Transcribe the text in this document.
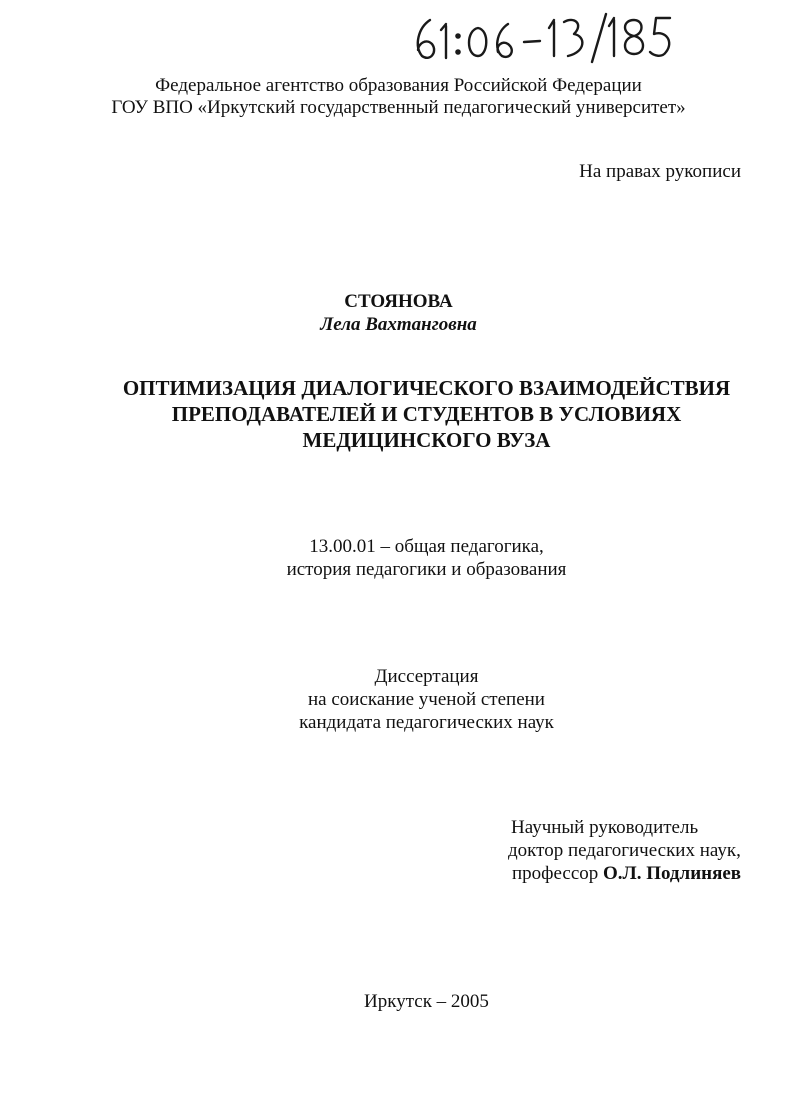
Федеральное агентство образования Российской Федерации
ГОУ ВПО «Иркутский государственный педагогический университет»
На правах рукописи
СТОЯНОВА
Лела Вахтанговна
ОПТИМИЗАЦИЯ ДИАЛОГИЧЕСКОГО ВЗАИМОДЕЙСТВИЯ
ПРЕПОДАВАТЕЛЕЙ И СТУДЕНТОВ В УСЛОВИЯХ
МЕДИЦИНСКОГО ВУЗА
13.00.01 – общая педагогика,
история педагогики и образования
Диссертация
на соискание ученой степени
кандидата педагогических наук
Научный руководитель
доктор педагогических наук,
профессор О.Л. Подлиняев
Иркутск – 2005
